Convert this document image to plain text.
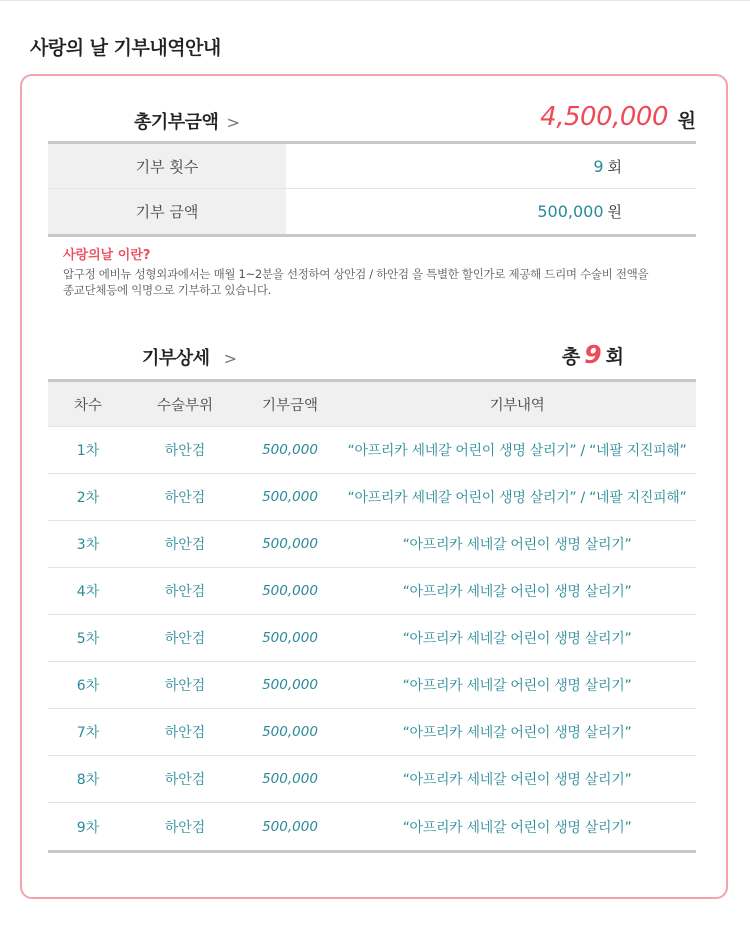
사랑의 날 기부내역안내
총기부금액 >	4,500,000 원
기부 횟수	9 회
기부 금액	500,000 원
사랑의날 이란?
압구정 에비뉴 성형외과에서는 매월 1~2분을 선정하여 상안검 / 하안검 을 특별한 할인가로 제공해 드리며 수술비 전액을
종교단체등에 익명으로 기부하고 있습니다.
기부상세 >	총 9 회
차수	수술부위	기부금액	기부내역
1차	하안검	500,000	“아프리카 세네갈 어린이 생명 살리기” / “네팔 지진피해”
2차	하안검	500,000	“아프리카 세네갈 어린이 생명 살리기” / “네팔 지진피해”
3차	하안검	500,000	“아프리카 세네갈 어린이 생명 살리기”
4차	하안검	500,000	“아프리카 세네갈 어린이 생명 살리기”
5차	하안검	500,000	“아프리카 세네갈 어린이 생명 살리기”
6차	하안검	500,000	“아프리카 세네갈 어린이 생명 살리기”
7차	하안검	500,000	“아프리카 세네갈 어린이 생명 살리기”
8차	하안검	500,000	“아프리카 세네갈 어린이 생명 살리기”
9차	하안검	500,000	“아프리카 세네갈 어린이 생명 살리기”
